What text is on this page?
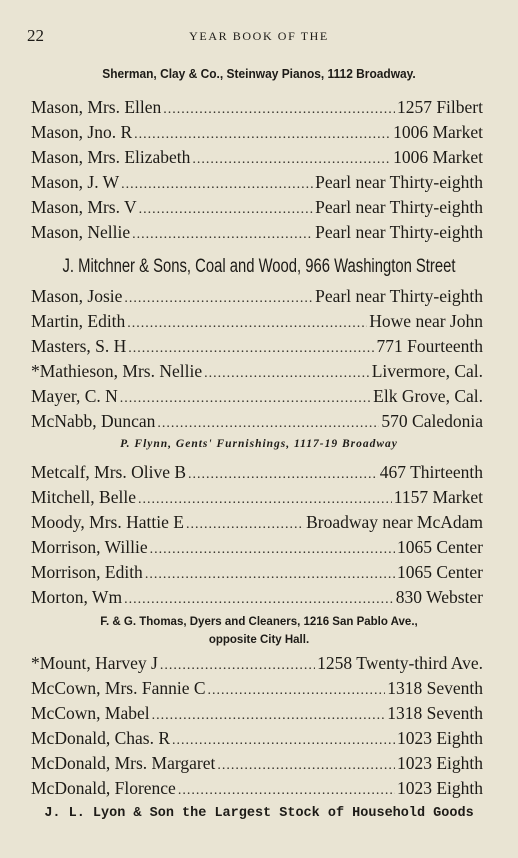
22	YEAR BOOK OF THE
Sherman, Clay & Co., Steinway Pianos, 1112 Broadway.
Mason, Mrs. Ellen .....	1257 Filbert
Mason, Jno. R .....	1006 Market
Mason, Mrs. Elizabeth .....	1006 Market
Mason, J. W .....	Pearl near Thirty-eighth
Mason, Mrs. V .....	Pearl near Thirty-eighth
Mason, Nellie .....	Pearl near Thirty-eighth
J. Mitchner & Sons, Coal and Wood, 966 Washington Street
Mason, Josie .....	Pearl near Thirty-eighth
Martin, Edith .....	Howe near John
Masters, S. H .....	771 Fourteenth
*Mathieson, Mrs. Nellie .....	Livermore, Cal.
Mayer, C. N .....	Elk Grove, Cal.
McNabb, Duncan .....	570 Caledonia
P. Flynn, Gents' Furnishings, 1117-19 Broadway
Metcalf, Mrs. Olive B .....	467 Thirteenth
Mitchell, Belle .....	1157 Market
Moody, Mrs. Hattie E .....	Broadway near McAdam
Morrison, Willie .....	1065 Center
Morrison, Edith .....	1065 Center
Morton, Wm .....	830 Webster
F. & G. Thomas, Dyers and Cleaners, 1216 San Pablo Ave.,
opposite City Hall.
*Mount, Harvey J .....	1258 Twenty-third Ave.
McCown, Mrs. Fannie C .....	1318 Seventh
McCown, Mabel .....	1318 Seventh
McDonald, Chas. R .....	1023 Eighth
McDonald, Mrs. Margaret .....	1023 Eighth
McDonald, Florence .....	1023 Eighth
J. L. Lyon & Son the Largest Stock of Household Goods
